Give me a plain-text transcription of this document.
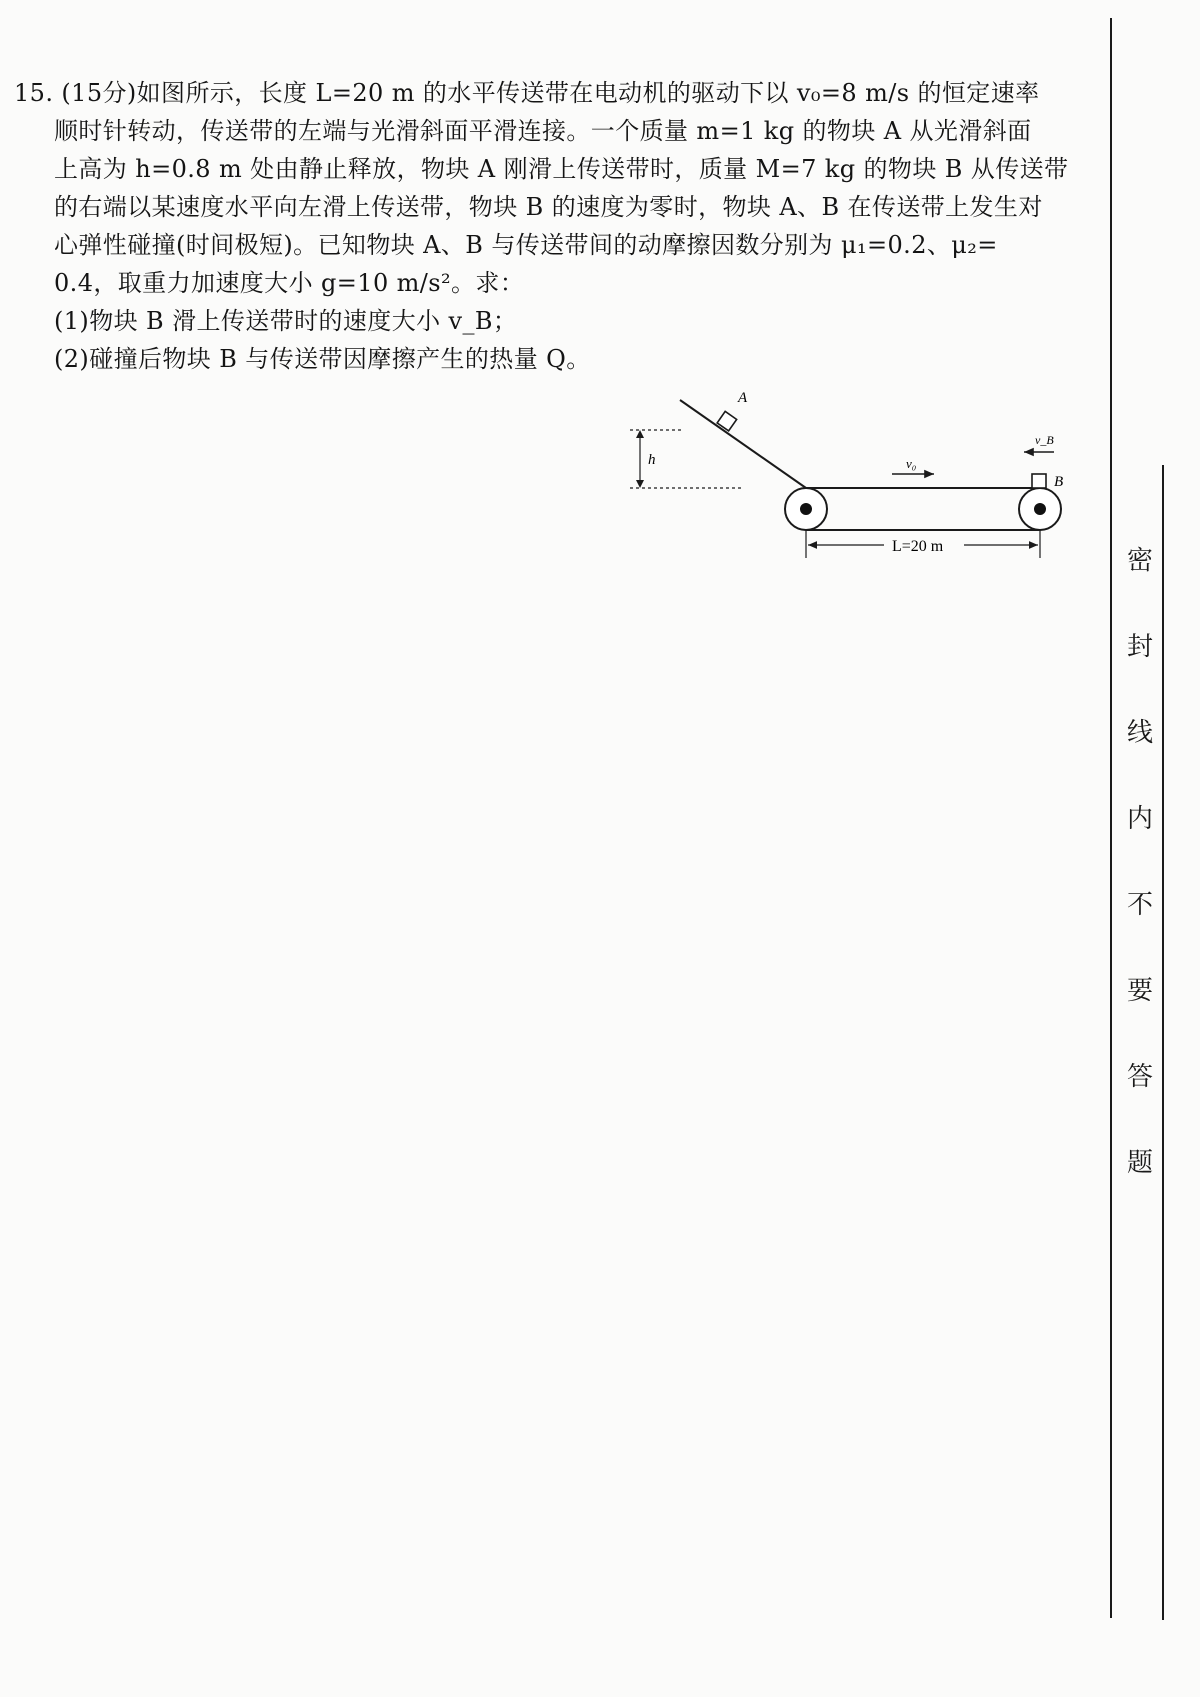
15. (15分)如图所示，长度 L=20 m 的水平传送带在电动机的驱动下以 v₀=8 m/s 的恒定速率

顺时针转动，传送带的左端与光滑斜面平滑连接。一个质量 m=1 kg 的物块 A 从光滑斜面

上高为 h=0.8 m 处由静止释放，物块 A 刚滑上传送带时，质量 M=7 kg 的物块 B 从传送带

的右端以某速度水平向左滑上传送带，物块 B 的速度为零时，物块 A、B 在传送带上发生对

心弹性碰撞(时间极短)。已知物块 A、B 与传送带间的动摩擦因数分别为 μ₁=0.2、μ₂=

0.4，取重力加速度大小 g=10 m/s²。求：

(1)物块 B 滑上传送带时的速度大小 v_B；

(2)碰撞后物块 B 与传送带因摩擦产生的热量 Q。

A
h	v₀
B
v_B
L=20 m	密
封
线
内
不
要
答
题
